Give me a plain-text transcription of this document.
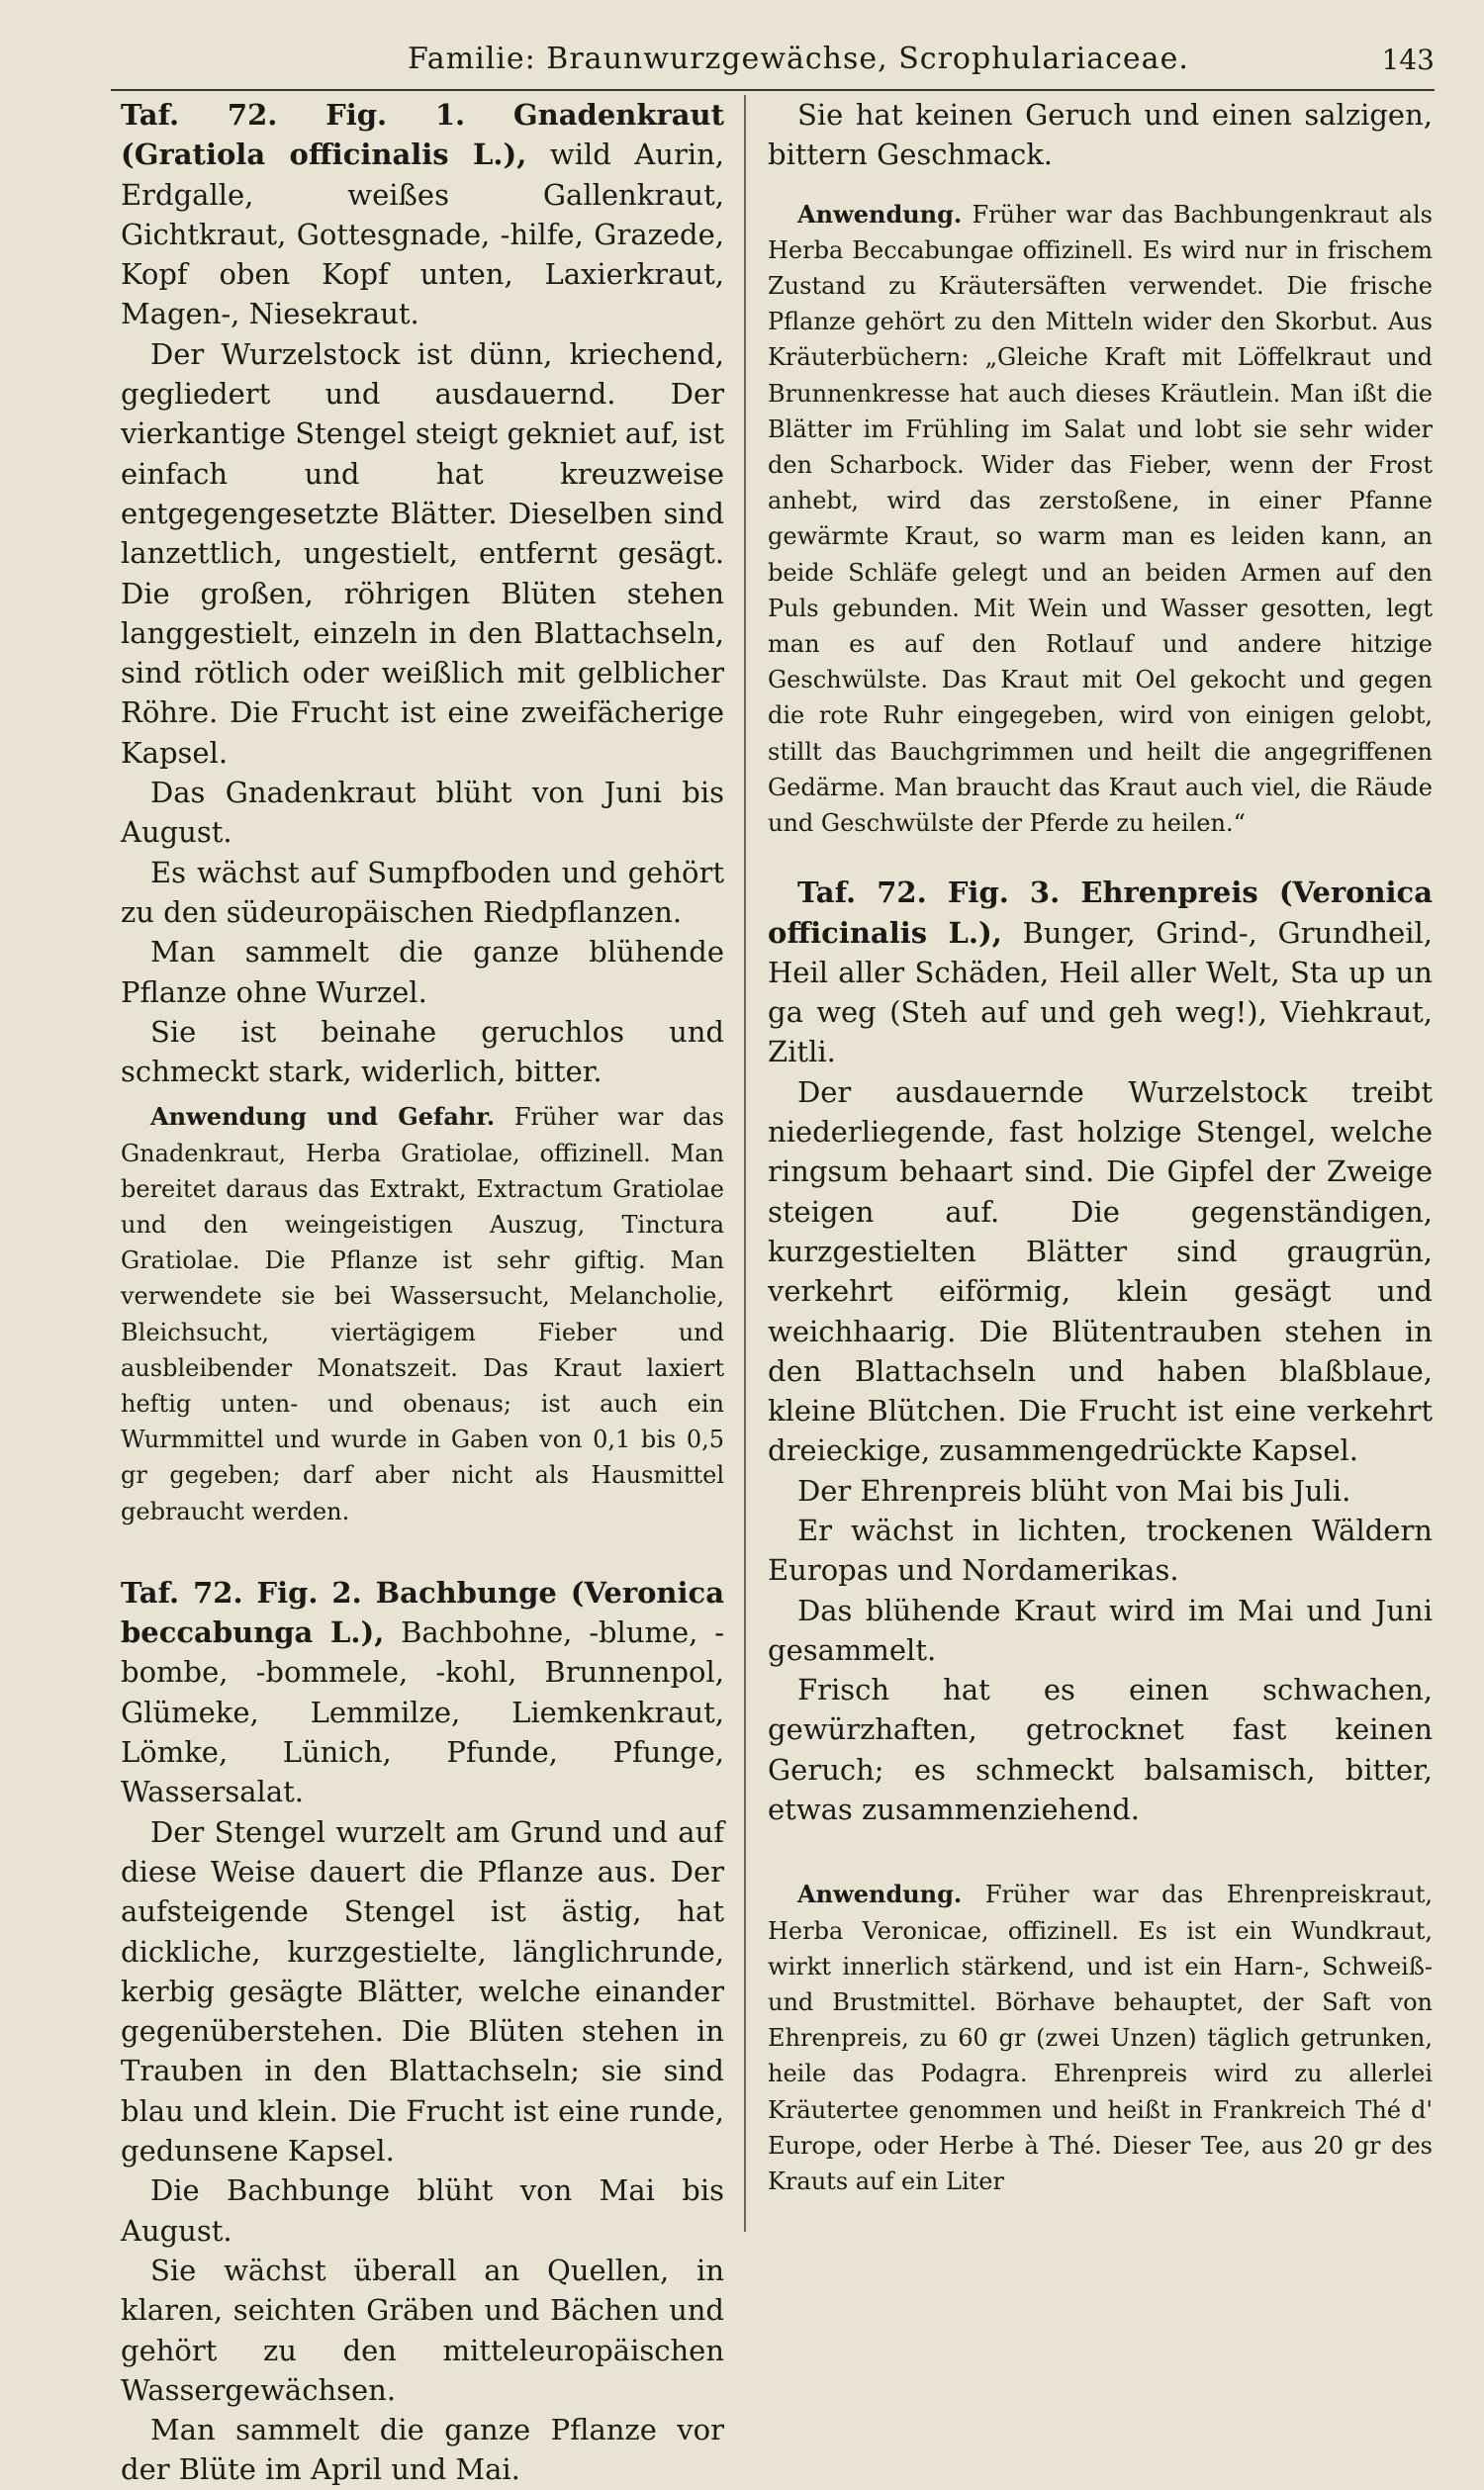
Familie: Braunwurzgewächse, Scrophulariaceae.	143

Taf. 72. Fig. 1. Gnadenkraut (Gratiola officinalis L.), wild Aurin, Erdgalle, weißes Gallenkraut, Gichtkraut, Gottesgnade, -hilfe, Grazede, Kopf oben Kopf unten, Laxierkraut, Magen-, Niesekraut.

Der Wurzelstock ist dünn, kriechend, gegliedert und ausdauernd. Der vierkantige Stengel steigt gekniet auf, ist einfach und hat kreuzweise entgegengesetzte Blätter. Dieselben sind lanzettlich, ungestielt, entfernt gesägt. Die großen, röhrigen Blüten stehen langgestielt, einzeln in den Blattachseln, sind rötlich oder weißlich mit gelblicher Röhre. Die Frucht ist eine zweifächerige Kapsel.

Das Gnadenkraut blüht von Juni bis August.

Es wächst auf Sumpfboden und gehört zu den südeuropäischen Riedpflanzen.

Man sammelt die ganze blühende Pflanze ohne Wurzel.

Sie ist beinahe geruchlos und schmeckt stark, widerlich, bitter.

Anwendung und Gefahr. Früher war das Gnadenkraut, Herba Gratiolae, offizinell. Man bereitet daraus das Extrakt, Extractum Gratiolae und den weingeistigen Auszug, Tinctura Gratiolae. Die Pflanze ist sehr giftig. Man verwendete sie bei Wassersucht, Melancholie, Bleichsucht, viertägigem Fieber und ausbleibender Monatszeit. Das Kraut laxiert heftig unten- und obenaus; ist auch ein Wurmmittel und wurde in Gaben von 0,1 bis 0,5 gr gegeben; darf aber nicht als Hausmittel gebraucht werden.

Taf. 72. Fig. 2. Bachbunge (Veronica beccabunga L.), Bachbohne, -blume, -bombe, -bommele, -kohl, Brunnenpol, Glümeke, Lemmilze, Liemkenkraut, Lömke, Lünich, Pfunde, Pfunge, Wassersalat.

Der Stengel wurzelt am Grund und auf diese Weise dauert die Pflanze aus. Der aufsteigende Stengel ist ästig, hat dickliche, kurzgestielte, länglichrunde, kerbig gesägte Blätter, welche einander gegenüberstehen. Die Blüten stehen in Trauben in den Blattachseln; sie sind blau und klein. Die Frucht ist eine runde, gedunsene Kapsel.

Die Bachbunge blüht von Mai bis August.

Sie wächst überall an Quellen, in klaren, seichten Gräben und Bächen und gehört zu den mitteleuropäischen Wassergewächsen.

Man sammelt die ganze Pflanze vor der Blüte im April und Mai.

Sie hat keinen Geruch und einen salzigen, bittern Geschmack.

Anwendung. Früher war das Bachbungenkraut als Herba Beccabungae offizinell. Es wird nur in frischem Zustand zu Kräutersäften verwendet. Die frische Pflanze gehört zu den Mitteln wider den Skorbut. Aus Kräuterbüchern: „Gleiche Kraft mit Löffelkraut und Brunnenkresse hat auch dieses Kräutlein. Man ißt die Blätter im Frühling im Salat und lobt sie sehr wider den Scharbock. Wider das Fieber, wenn der Frost anhebt, wird das zerstoßene, in einer Pfanne gewärmte Kraut, so warm man es leiden kann, an beide Schläfe gelegt und an beiden Armen auf den Puls gebunden. Mit Wein und Wasser gesotten, legt man es auf den Rotlauf und andere hitzige Geschwülste. Das Kraut mit Oel gekocht und gegen die rote Ruhr eingegeben, wird von einigen gelobt, stillt das Bauchgrimmen und heilt die angegriffenen Gedärme. Man braucht das Kraut auch viel, die Räude und Geschwülste der Pferde zu heilen.“

Taf. 72. Fig. 3. Ehrenpreis (Veronica officinalis L.), Bunger, Grind-, Grundheil, Heil aller Schäden, Heil aller Welt, Sta up un ga weg (Steh auf und geh weg!), Viehkraut, Zitli.

Der ausdauernde Wurzelstock treibt niederliegende, fast holzige Stengel, welche ringsum behaart sind. Die Gipfel der Zweige steigen auf. Die gegenständigen, kurzgestielten Blätter sind graugrün, verkehrt eiförmig, klein gesägt und weichhaarig. Die Blütentrauben stehen in den Blattachseln und haben blaßblaue, kleine Blütchen. Die Frucht ist eine verkehrt dreieckige, zusammengedrückte Kapsel.

Der Ehrenpreis blüht von Mai bis Juli.

Er wächst in lichten, trockenen Wäldern Europas und Nordamerikas.

Das blühende Kraut wird im Mai und Juni gesammelt.

Frisch hat es einen schwachen, gewürzhaften, getrocknet fast keinen Geruch; es schmeckt balsamisch, bitter, etwas zusammenziehend.

Anwendung. Früher war das Ehrenpreiskraut, Herba Veronicae, offizinell. Es ist ein Wundkraut, wirkt innerlich stärkend, und ist ein Harn-, Schweiß- und Brustmittel. Börhave behauptet, der Saft von Ehrenpreis, zu 60 gr (zwei Unzen) täglich getrunken, heile das Podagra. Ehrenpreis wird zu allerlei Kräutertee genommen und heißt in Frankreich Thé d' Europe, oder Herbe à Thé. Dieser Tee, aus 20 gr des Krauts auf ein Liter
